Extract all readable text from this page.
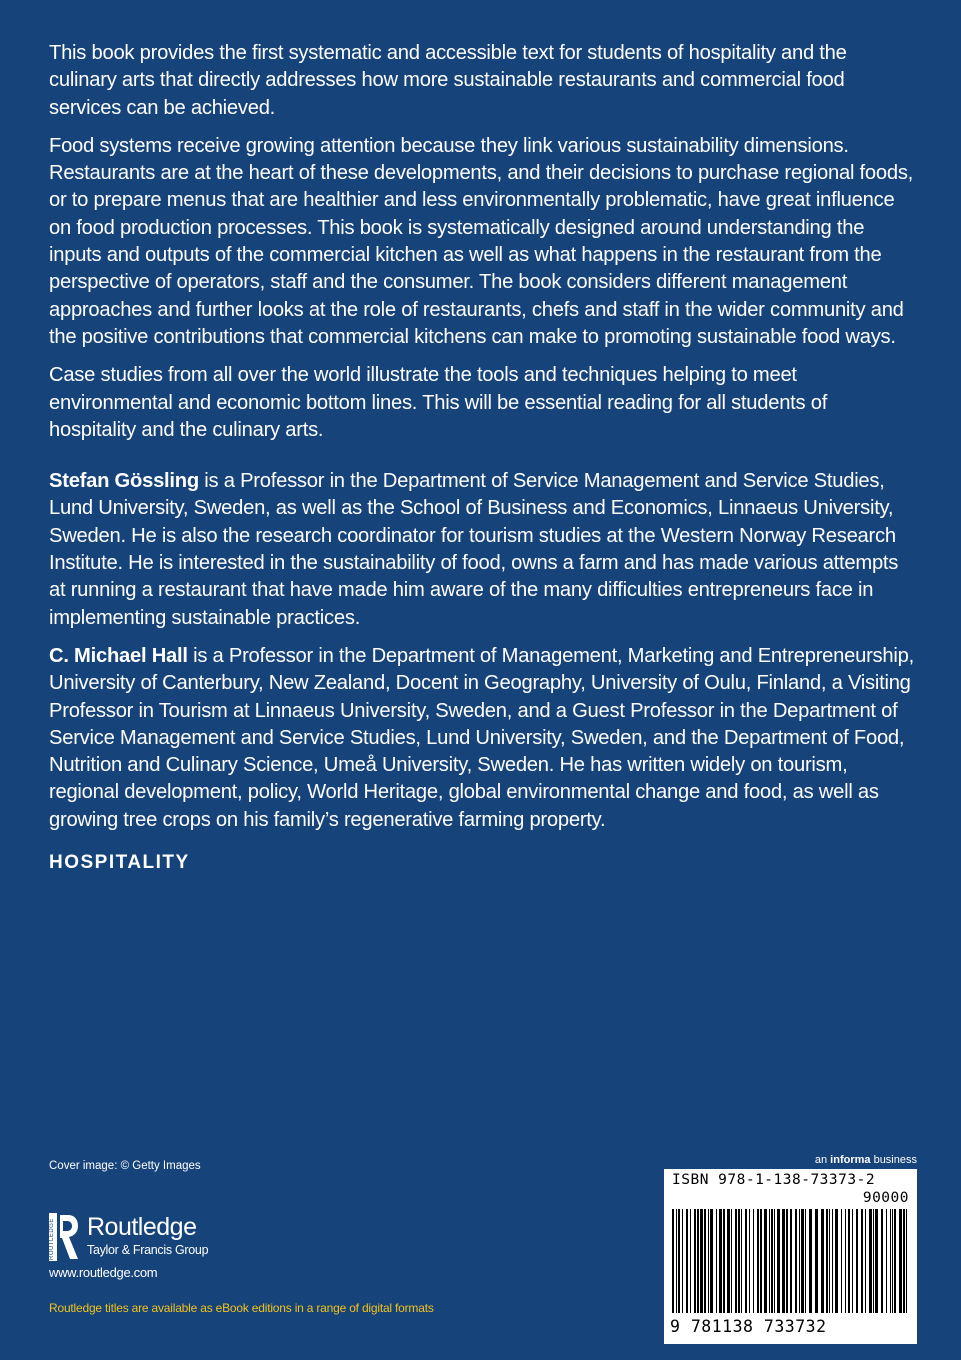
This book provides the first systematic and accessible text for students of hospitality and the culinary arts that directly addresses how more sustainable restaurants and commercial food services can be achieved.

Food systems receive growing attention because they link various sustainability dimensions. Restaurants are at the heart of these developments, and their decisions to purchase regional foods, or to prepare menus that are healthier and less environmentally problematic, have great influence on food production processes. This book is systematically designed around understanding the inputs and outputs of the commercial kitchen as well as what happens in the restaurant from the perspective of operators, staff and the consumer. The book considers different management approaches and further looks at the role of restaurants, chefs and staff in the wider community and the positive contributions that commercial kitchens can make to promoting sustainable food ways.

Case studies from all over the world illustrate the tools and techniques helping to meet environmental and economic bottom lines. This will be essential reading for all students of hospitality and the culinary arts.

Stefan Gössling is a Professor in the Department of Service Management and Service Studies, Lund University, Sweden, as well as the School of Business and Economics, Linnaeus University, Sweden. He is also the research coordinator for tourism studies at the Western Norway Research Institute. He is interested in the sustainability of food, owns a farm and has made various attempts at running a restaurant that have made him aware of the many difficulties entrepreneurs face in implementing sustainable practices.

C. Michael Hall is a Professor in the Department of Management, Marketing and Entrepreneurship, University of Canterbury, New Zealand, Docent in Geography, University of Oulu, Finland, a Visiting Professor in Tourism at Linnaeus University, Sweden, and a Guest Professor in the Department of Service Management and Service Studies, Lund University, Sweden, and the Department of Food, Nutrition and Culinary Science, Umeå University, Sweden. He has written widely on tourism, regional development, policy, World Heritage, global environmental change and food, as well as growing tree crops on his family’s regenerative farming property.

HOSPITALITY
Cover image: © Getty Images
ROUTLEDGE Routledge
Taylor & Francis Group
www.routledge.com
Routledge titles are available as eBook editions in a range of digital formats
an informa business
ISBN 978-1-138-73373-2
90000
9 781138 733732
